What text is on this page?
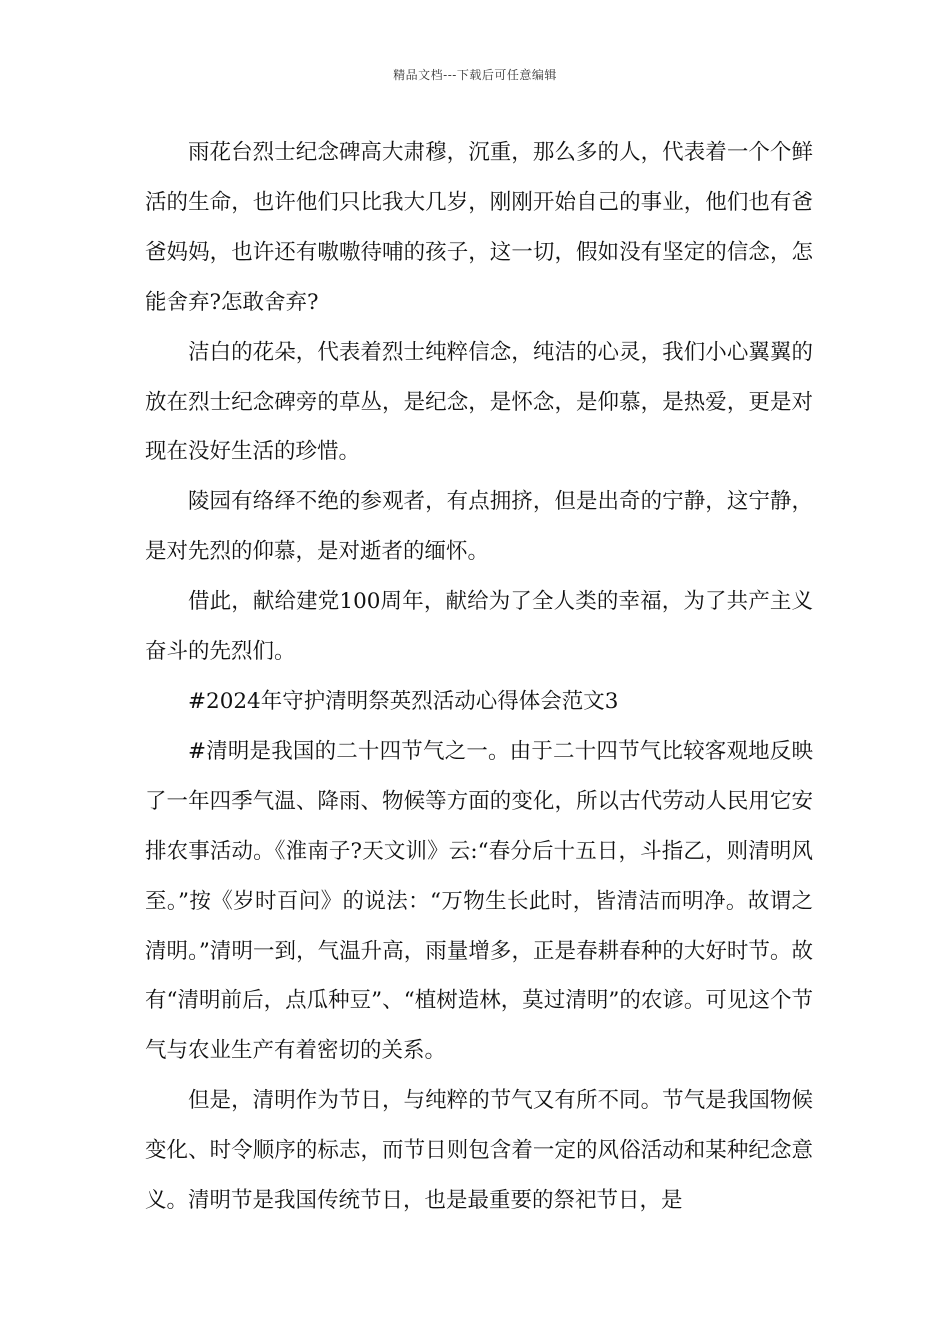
精品文档---下载后可任意编辑

雨花台烈士纪念碑高大肃穆，沉重，那么多的人，代表着一个个鲜活的生命，也许他们只比我大几岁，刚刚开始自己的事业，他们也有爸爸妈妈，也许还有嗷嗷待哺的孩子，这一切，假如没有坚定的信念，怎能舍弃?怎敢舍弃?

洁白的花朵，代表着烈士纯粹信念，纯洁的心灵，我们小心翼翼的放在烈士纪念碑旁的草丛，是纪念，是怀念，是仰慕，是热爱，更是对现在没好生活的珍惜。

陵园有络绎不绝的参观者，有点拥挤，但是出奇的宁静，这宁静，是对先烈的仰慕，是对逝者的缅怀。

借此，献给建党100周年，献给为了全人类的幸福，为了共产主义奋斗的先烈们。

#2024年守护清明祭英烈活动心得体会范文3

#清明是我国的二十四节气之一。由于二十四节气比较客观地反映了一年四季气温、降雨、物候等方面的变化，所以古代劳动人民用它安排农事活动。《淮南子?天文训》云:“春分后十五日，斗指乙，则清明风至。”按《岁时百问》的说法：“万物生长此时，皆清洁而明净。故谓之清明。”清明一到，气温升高，雨量增多，正是春耕春种的大好时节。故有“清明前后，点瓜种豆”、“植树造林，莫过清明”的农谚。可见这个节气与农业生产有着密切的关系。

但是，清明作为节日，与纯粹的节气又有所不同。节气是我国物候变化、时令顺序的标志，而节日则包含着一定的风俗活动和某种纪念意义。清明节是我国传统节日，也是最重要的祭祀节日，是
